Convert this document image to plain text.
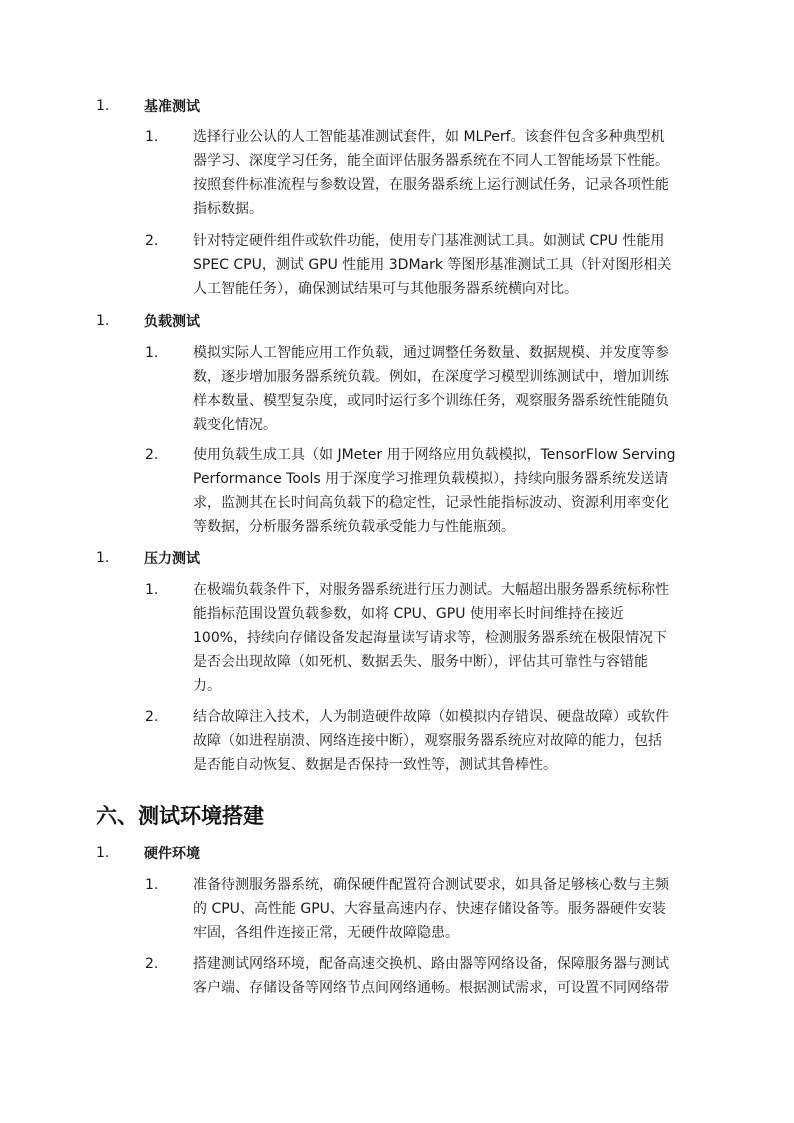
1.	基准测试
1. 选择行业公认的人工智能基准测试套件，如 MLPerf。该套件包含多种典型机
器学习、深度学习任务，能全面评估服务器系统在不同人工智能场景下性能。
按照套件标准流程与参数设置，在服务器系统上运行测试任务，记录各项性能
指标数据。
2. 针对特定硬件组件或软件功能，使用专门基准测试工具。如测试 CPU 性能用
SPEC CPU，测试 GPU 性能用 3DMark 等图形基准测试工具（针对图形相关
人工智能任务），确保测试结果可与其他服务器系统横向对比。
1.	负载测试
1. 模拟实际人工智能应用工作负载，通过调整任务数量、数据规模、并发度等参
数，逐步增加服务器系统负载。例如，在深度学习模型训练测试中，增加训练
样本数量、模型复杂度，或同时运行多个训练任务，观察服务器系统性能随负
载变化情况。
2. 使用负载生成工具（如 JMeter 用于网络应用负载模拟，TensorFlow Serving
Performance Tools 用于深度学习推理负载模拟），持续向服务器系统发送请
求，监测其在长时间高负载下的稳定性，记录性能指标波动、资源利用率变化
等数据，分析服务器系统负载承受能力与性能瓶颈。
1.	压力测试
1. 在极端负载条件下，对服务器系统进行压力测试。大幅超出服务器系统标称性
能指标范围设置负载参数，如将 CPU、GPU 使用率长时间维持在接近
100%，持续向存储设备发起海量读写请求等，检测服务器系统在极限情况下
是否会出现故障（如死机、数据丢失、服务中断），评估其可靠性与容错能
力。
2. 结合故障注入技术，人为制造硬件故障（如模拟内存错误、硬盘故障）或软件
故障（如进程崩溃、网络连接中断），观察服务器系统应对故障的能力，包括
是否能自动恢复、数据是否保持一致性等，测试其鲁棒性。
六、测试环境搭建
1.	硬件环境
1. 准备待测服务器系统，确保硬件配置符合测试要求，如具备足够核心数与主频
的 CPU、高性能 GPU、大容量高速内存、快速存储设备等。服务器硬件安装
牢固，各组件连接正常，无硬件故障隐患。
2. 搭建测试网络环境，配备高速交换机、路由器等网络设备，保障服务器与测试
客户端、存储设备等网络节点间网络通畅。根据测试需求，可设置不同网络带
